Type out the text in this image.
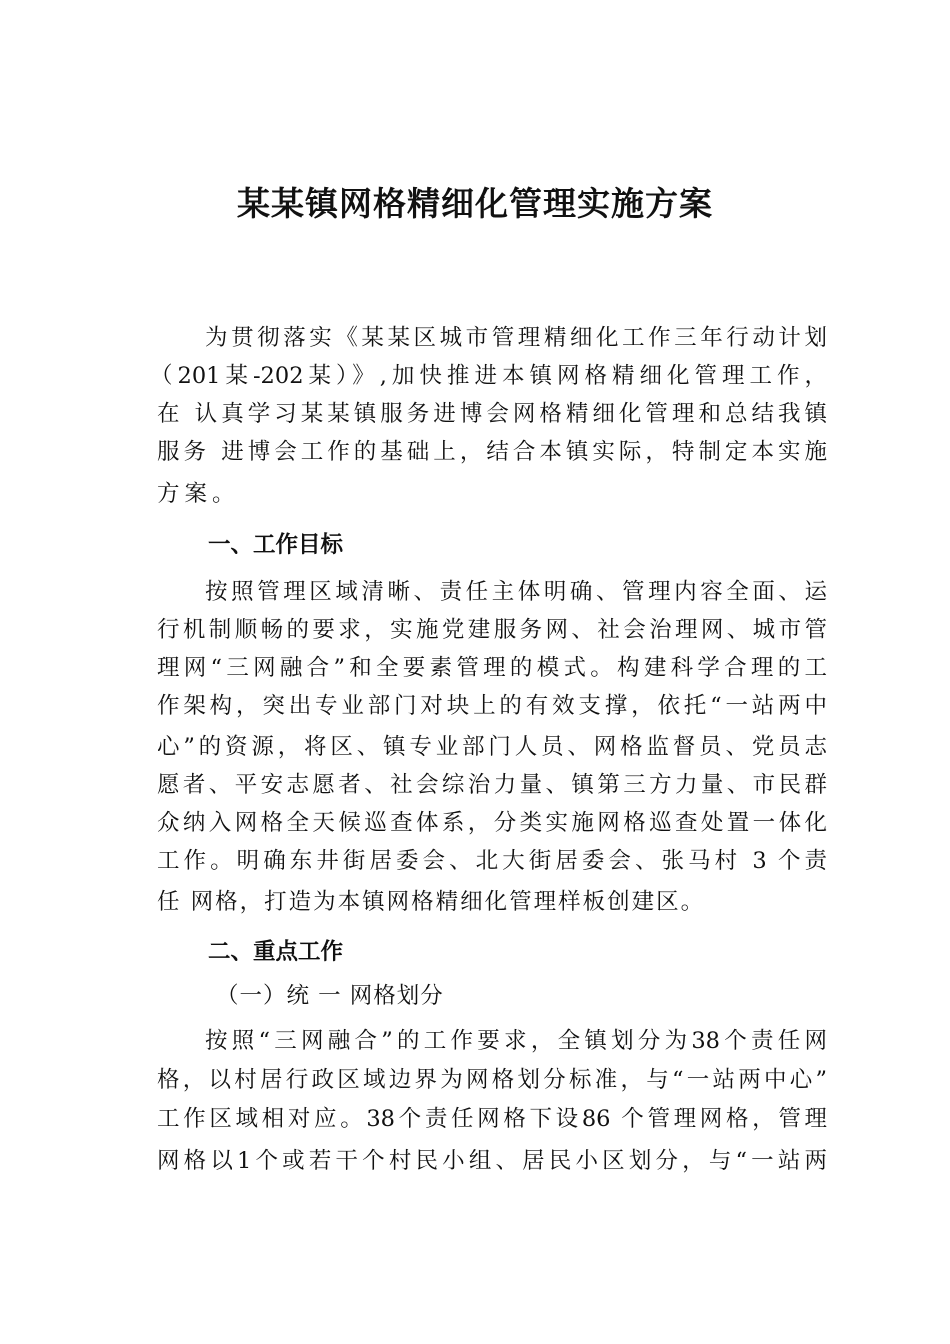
某某镇网格精细化管理实施方案
为贯彻落实《某某区城市管理精细化工作三年行动计划
（201某-202某）》,加快推进本镇网格精细化管理工作，
在 认真学习某某镇服务进博会网格精细化管理和总结我镇
服务 进博会工作的基础上，结合本镇实际，特制定本实施
方案。
一、工作目标
按照管理区域清晰、责任主体明确、管理内容全面、运
行机制顺畅的要求，实施党建服务网、社会治理网、城市管
理网“三网融合”和全要素管理的模式。构建科学合理的工
作架构，突出专业部门对块上的有效支撑，依托“一站两中
心”的资源，将区、镇专业部门人员、网格监督员、党员志
愿者、平安志愿者、社会综治力量、镇第三方力量、市民群
众纳入网格全天候巡查体系，分类实施网格巡查处置一体化
工作。明确东井街居委会、北大街居委会、张马村 3 个责
任 网格，打造为本镇网格精细化管理样板创建区。
二、重点工作
（一）统 一 网格划分
按照“三网融合”的工作要求，全镇划分为38个责任网
格，以村居行政区域边界为网格划分标准，与“一站两中心”
工作区域相对应。38个责任网格下设86 个管理网格，管理
网格以1个或若干个村民小组、居民小区划分，与“一站两
